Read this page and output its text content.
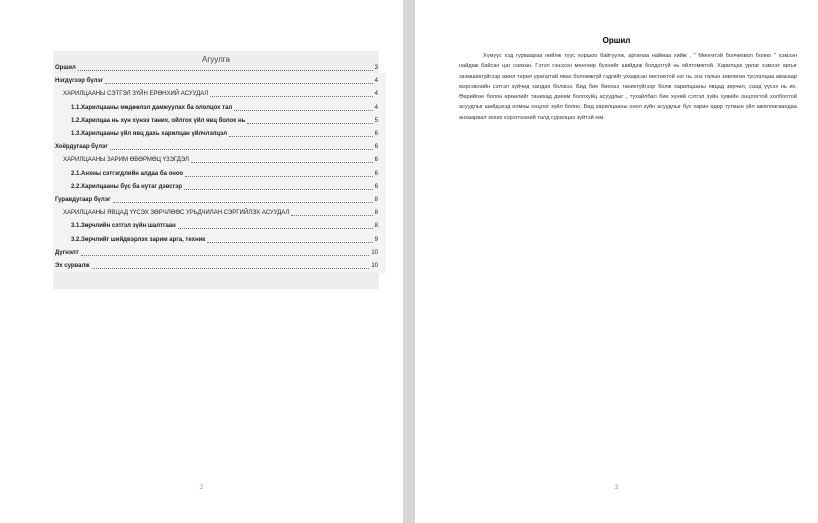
Агуулга
2
Оршил	3
Нэгдүгээр бүлэг	4
ХАРИЛЦААНЫ СЭТГЭЛ ЗҮЙН ЕРӨНХИЙ АСУУДАЛ	4
1.1.Харилцааны мөдөөлэл дамжуулах ба ололцох тал	4
1.2.Харилцаа нь хүн хүнээ таних, ойлгох үйл явц болох нь	5
1.3.Харилцааны үйл явц дахь харилцан үйлчлэлцэл	6
Хоёрдугаар бүлэг	6
ХАРИЛЦААНЫ ЗАРИМ ӨВӨРМӨЦ ҮЗЭГДЭЛ	6
2.1.Анхны сэтгэгдлийн алдаа ба онoo	6
2.2.Харилцааны бүс ба нутаг дэвсгэр	6
Гуравдугаар бүлэг	8
ХАРИЛЦААНЫ ЯВЦАД ҮҮСЭХ ЗӨРЧЛӨӨС УРЬДЧИЛАН СЭРГИЙЛЭХ АСУУДАЛ	8
3.1.Зөрчлийн сэтгэл зүйн шалтгаан	8
3.2.Зөрчлийг шийдвэрлэх зарим арга, техник	9
Дүгнэлт	10
Эх сурвалж	10
Оршил

Хүмүүс хэд гурваараа нийлж түүс хоршоо байгуулж, аргилаа наймаа хийж , " Мөнгөтэй болчихвол болно " хэмээн найдаж байсан цаг саяхан. Гэтэл гэнэхэн мөнгөөр бүхнийг шийдэж болдоггүй нь ойлгомжтой. Харилцах урлаг хэмээх аргыг эзэмшихгүйгээр ажил төрөл урагштай явах боломжгүй гэдгийг ухаарсан өөсгөөтой нэг нь энэ талын зөвлөгөө туслалцаа авахаар мэргэжлийн сэтгэл зүйчид хандах болжээ. Бид бие биенээ танихгүйгээр болж харилцааны явцад зөрчил, саад үүсэх нь их. Өөрийгөө болон өрөөлийг танихад дөхөм болохуйц асуудлыг , тухайлбал бие хүний сэтгэл зүйн хувийн онцлогтой холбоотой асуудлыг шийдэхэд номны онцлог зүйл болно. Бид харилцааны онол зүйн асуудлыг бус харин өдөр тутмын үйл ажиллагаандаа анхаарвал зохих хэрэглээний талд суралцах зүйтэй юм.

3
